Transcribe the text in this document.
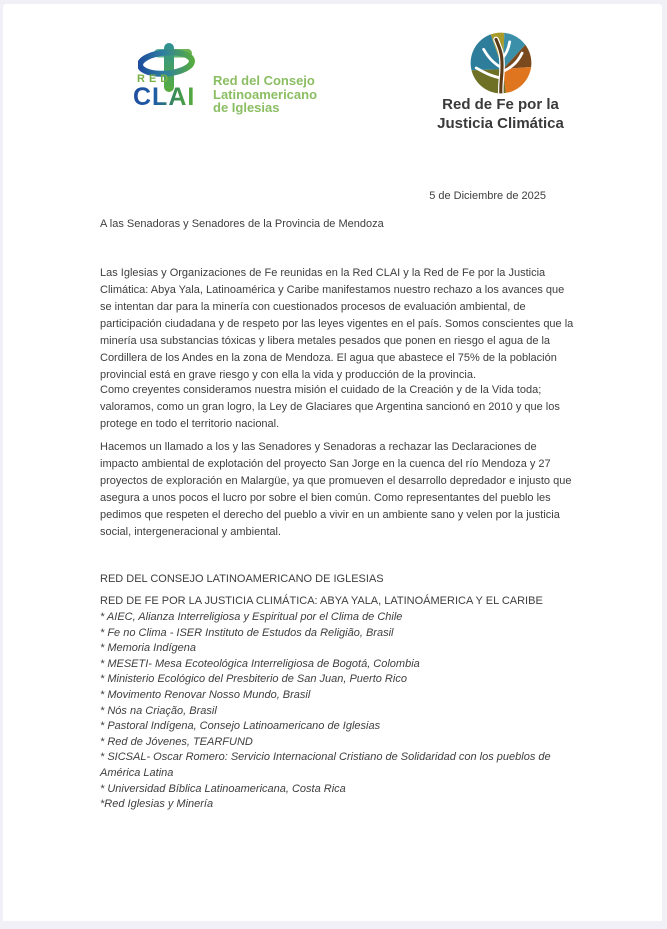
RED
CLAI
Red del Consejo
Latinoamericano
de Iglesias	Red de Fe por la
Justicia Climática
5 de Diciembre de 2025
A las Senadoras y Senadores de la Provincia de Mendoza

Las Iglesias y Organizaciones de Fe reunidas en la Red CLAI y la Red de Fe por la Justicia Climática: Abya Yala, Latinoamérica y Caribe manifestamos nuestro rechazo a los avances que se intentan dar para la minería con cuestionados procesos de evaluación ambiental, de participación ciudadana y de respeto por las leyes vigentes en el país. Somos conscientes que la minería usa substancias tóxicas y libera metales pesados que ponen en riesgo el agua de la Cordillera de los Andes en la zona de Mendoza. El agua que abastece el 75% de la población provincial está en grave riesgo y con ella la vida y producción de la provincia.

Como creyentes consideramos nuestra misión el cuidado de la Creación y de la Vida toda; valoramos, como un gran logro, la Ley de Glaciares que Argentina sancionó en 2010 y que los protege en todo el territorio nacional.

Hacemos un llamado a los y las Senadores y Senadoras a rechazar las Declaraciones de impacto ambiental de explotación del proyecto San Jorge en la cuenca del río Mendoza y 27 proyectos de exploración en Malargüe, ya que promueven el desarrollo depredador e injusto que asegura a unos pocos el lucro por sobre el bien común. Como representantes del pueblo les pedimos que respeten el derecho del pueblo a vivir en un ambiente sano y velen por la justicia social, intergeneracional y ambiental.

RED DEL CONSEJO LATINOAMERICANO DE IGLESIAS
RED DE FE POR LA JUSTICIA CLIMÁTICA: ABYA YALA, LATINOÁMERICA Y EL CARIBE
* AIEC, Alianza Interreligiosa y Espiritual por el Clima de Chile
* Fe no Clima - ISER Instituto de Estudos da Religião, Brasil
* Memoria Indígena
* MESETI- Mesa Ecoteológica Interreligiosa de Bogotá, Colombia
* Ministerio Ecológico del Presbiterio de San Juan, Puerto Rico
* Movimento Renovar Nosso Mundo, Brasil
* Nós na Criação, Brasil
* Pastoral Indígena, Consejo Latinoamericano de Iglesias
* Red de Jóvenes, TEARFUND
* SICSAL- Oscar Romero: Servicio Internacional Cristiano de Solidaridad con los pueblos de América Latina
* Universidad Bíblica Latinoamericana, Costa Rica
*Red Iglesias y Minería
